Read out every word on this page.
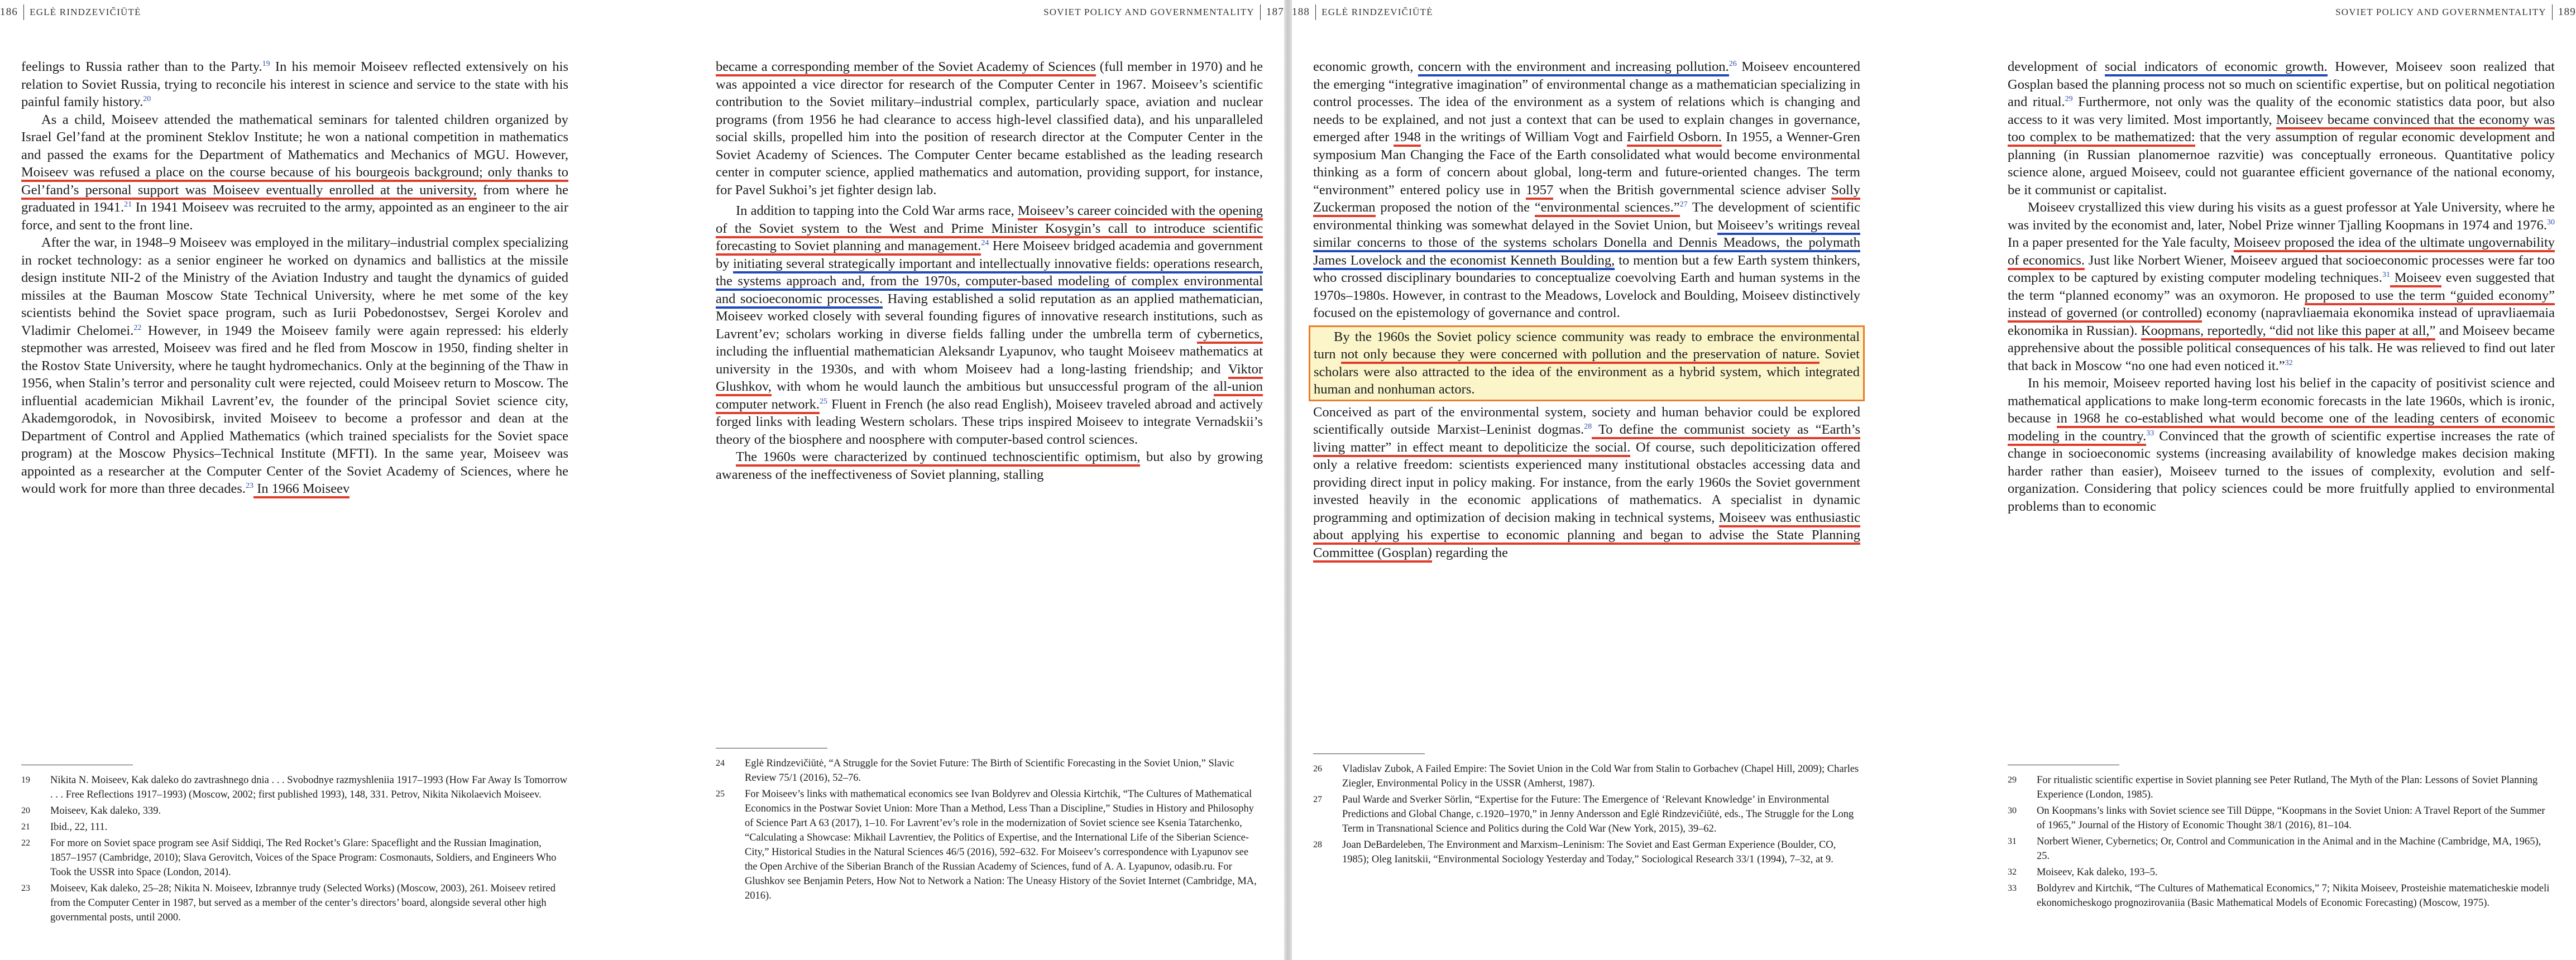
186 EGLĖ RINDZEVIČIŪTĖ	SOVIET POLICY AND GOVERNMENTALITY 187

feelings to Russia rather than to the Party.$^{19}$ In his memoir Moiseev reflected extensively on his relation to Soviet Russia, trying to reconcile his interest in science and service to the state with his painful family history.$^{20}$

As a child, Moiseev attended the mathematical seminars for talented children organized by Israel Gel’fand at the prominent Steklov Institute; he won a national competition in mathematics and passed the exams for the Department of Mathematics and Mechanics of MGU. However, Moiseev was refused a place on the course because of his bourgeois background; only thanks to Gel’fand’s personal support was Moiseev eventually enrolled at the university, from where he graduated in 1941.21 In 1941 Moiseev was recruited to the army, appointed as an engineer to the air force, and sent to the front line.

After the war, in 1948–9 Moiseev was employed in the military–industrial complex specializing in rocket technology: as a senior engineer he worked on dynamics and ballistics at the missile design institute NII-2 of the Ministry of the Aviation Industry and taught the dynamics of guided missiles at the Bauman Moscow State Technical University, where he met some of the key scientists behind the Soviet space program, such as Iurii Pobedonostsev, Sergei Korolev and Vladimir Chelomei.$^{22}$ However, in 1949 the Moiseev family were again repressed: his elderly stepmother was arrested, Moiseev was fired and he fled from Moscow in 1950, finding shelter in the Rostov State University, where he taught hydromechanics. Only at the beginning of the Thaw in 1956, when Stalin’s terror and personality cult were rejected, could Moiseev return to Moscow. The influential academician Mikhail Lavrent’ev, the founder of the principal Soviet science city, Akademgorodok, in Novosibirsk, invited Moiseev to become a professor and dean at the Department of Control and Applied Mathematics (which trained specialists for the Soviet space program) at the Moscow Physics–Technical Institute (MFTI). In the same year, Moiseev was appointed as a researcher at the Computer Center of the Soviet Academy of Sciences, where he would work for more than three decades.$^{23}$ In 1966 Moiseev

19 Nikita N. Moiseev, Kak daleko do zavtrashnego dnia . . . Svobodnye razmyshleniia 1917–1993 (How Far Away Is Tomorrow . . . Free Reflections 1917–1993) (Moscow, 2002; first published 1993), 148, 331. Petrov, Nikita Nikolaevich Moiseev.
20 Moiseev, Kak daleko, 339.
21 Ibid., 22, 111.
22 For more on Soviet space program see Asif Siddiqi, The Red Rocket’s Glare: Spaceflight and the Russian Imagination, 1857–1957 (Cambridge, 2010); Slava Gerovitch, Voices of the Space Program: Cosmonauts, Soldiers, and Engineers Who Took the USSR into Space (London, 2014).
23 Moiseev, Kak daleko, 25–28; Nikita N. Moiseev, Izbrannye trudy (Selected Works) (Moscow, 2003), 261. Moiseev retired from the Computer Center in 1987, but served as a member of the center’s directors’ board, alongside several other high governmental posts, until 2000.

became a corresponding member of the Soviet Academy of Sciences (full member in 1970) and he was appointed a vice director for research of the Computer Center in 1967. Moiseev’s scientific contribution to the Soviet military–industrial complex, particularly space, aviation and nuclear programs (from 1956 he had clearance to access high-level classified data), and his unparalleled social skills, propelled him into the position of research director at the Computer Center in the Soviet Academy of Sciences. The Computer Center became established as the leading research center in computer science, applied mathematics and automation, providing support, for instance, for Pavel Sukhoi’s jet fighter design lab.

In addition to tapping into the Cold War arms race, Moiseev’s career coincided with the opening of the Soviet system to the West and Prime Minister Kosygin’s call to introduce scientific forecasting to Soviet planning and management.$^{24}$ Here Moiseev bridged academia and government by initiating several strategically important and intellectually innovative fields: operations research, the systems approach and, from the 1970s, computer-based modeling of complex environmental and socioeconomic processes. Having established a solid reputation as an applied mathematician, Moiseev worked closely with several founding figures of innovative research institutions, such as Lavrent’ev; scholars working in diverse fields falling under the umbrella term of cybernetics, including the influential mathematician Aleksandr Lyapunov, who taught Moiseev mathematics at university in the 1930s, and with whom Moiseev had a long-lasting friendship; and Viktor Glushkov, with whom he would launch the ambitious but unsuccessful program of the all-union computer network.$^{25}$ Fluent in French (he also read English), Moiseev traveled abroad and actively forged links with leading Western scholars. These trips inspired Moiseev to integrate Vernadskii’s theory of the biosphere and noosphere with computer-based control sciences.

The 1960s were characterized by continued technoscientific optimism, but also by growing awareness of the ineffectiveness of Soviet planning, stalling

24 Eglė Rindzevičiūtė, “A Struggle for the Soviet Future: The Birth of Scientific Forecasting in the Soviet Union,” Slavic Review 75/1 (2016), 52–76.
25 For Moiseev’s links with mathematical economics see Ivan Boldyrev and Olessia Kirtchik, “The Cultures of Mathematical Economics in the Postwar Soviet Union: More Than a Method, Less Than a Discipline,” Studies in History and Philosophy of Science Part A 63 (2017), 1–10. For Lavrent’ev’s role in the modernization of Soviet science see Ksenia Tatarchenko, “Calculating a Showcase: Mikhail Lavrentiev, the Politics of Expertise, and the International Life of the Siberian Science-City,” Historical Studies in the Natural Sciences 46/5 (2016), 592–632. For Moiseev’s correspondence with Lyapunov see the Open Archive of the Siberian Branch of the Russian Academy of Sciences, fund of A. A. Lyapunov, odasib.ru. For Glushkov see Benjamin Peters, How Not to Network a Nation: The Uneasy History of the Soviet Internet (Cambridge, MA, 2016).
188 EGLĖ RINDZEVIČIŪTĖ	SOVIET POLICY AND GOVERNMENTALITY 189

economic growth, concern with the environment and increasing pollution.$^{26}$ Moiseev encountered the emerging “integrative imagination” of environmental change as a mathematician specializing in control processes. The idea of the environment as a system of relations which is changing and needs to be explained, and not just a context that can be used to explain changes in governance, emerged after 1948 in the writings of William Vogt and Fairfield Osborn. In 1955, a Wenner-Gren symposium Man Changing the Face of the Earth consolidated what would become environmental thinking as a form of concern about global, long-term and future-oriented changes. The term “environment” entered policy use in 1957 when the British governmental science adviser Solly Zuckerman proposed the notion of the “environmental sciences.”$^{27}$ The development of scientific environmental thinking was somewhat delayed in the Soviet Union, but Moiseev’s writings reveal similar concerns to those of the systems scholars Donella and Dennis Meadows, the polymath James Lovelock and the economist Kenneth Boulding, to mention but a few Earth system thinkers, who crossed disciplinary boundaries to conceptualize coevolving Earth and human systems in the 1970s–1980s. However, in contrast to the Meadows, Lovelock and Boulding, Moiseev distinctively focused on the epistemology of governance and control.

By the 1960s the Soviet policy science community was ready to embrace the environmental turn not only because they were concerned with pollution and the preservation of nature. Soviet scholars were also attracted to the idea of the environment as a hybrid system, which integrated human and nonhuman actors.

Conceived as part of the environmental system, society and human behavior could be explored scientifically outside Marxist–Leninist dogmas.$^{28}$ To define the communist society as “Earth’s living matter” in effect meant to depoliticize the social. Of course, such depoliticization offered only a relative freedom: scientists experienced many institutional obstacles accessing data and providing direct input in policy making. For instance, from the early 1960s the Soviet government invested heavily in the economic applications of mathematics. A specialist in dynamic programming and optimization of decision making in technical systems, Moiseev was enthusiastic about applying his expertise to economic planning and began to advise the State Planning Committee (Gosplan) regarding the

26 Vladislav Zubok, A Failed Empire: The Soviet Union in the Cold War from Stalin to Gorbachev (Chapel Hill, 2009); Charles Ziegler, Environmental Policy in the USSR (Amherst, 1987).
27 Paul Warde and Sverker Sörlin, “Expertise for the Future: The Emergence of ‘Relevant Knowledge’ in Environmental Predictions and Global Change, c.1920–1970,” in Jenny Andersson and Eglė Rindzevičiūtė, eds., The Struggle for the Long Term in Transnational Science and Politics during the Cold War (New York, 2015), 39–62.
28 Joan DeBardeleben, The Environment and Marxism–Leninism: The Soviet and East German Experience (Boulder, CO, 1985); Oleg Ianitskii, “Environmental Sociology Yesterday and Today,” Sociological Research 33/1 (1994), 7–32, at 9.

development of social indicators of economic growth. However, Moiseev soon realized that Gosplan based the planning process not so much on scientific expertise, but on political negotiation and ritual.$^{29}$ Furthermore, not only was the quality of the economic statistics data poor, but also access to it was very limited. Most importantly, Moiseev became convinced that the economy was too complex to be mathematized: that the very assumption of regular economic development and planning (in Russian planomernoe razvitie) was conceptually erroneous. Quantitative policy science alone, argued Moiseev, could not guarantee efficient governance of the national economy, be it communist or capitalist.

Moiseev crystallized this view during his visits as a guest professor at Yale University, where he was invited by the economist and, later, Nobel Prize winner Tjalling Koopmans in 1974 and 1976.30 In a paper presented for the Yale faculty, Moiseev proposed the idea of the ultimate ungovernability of economics. Just like Norbert Wiener, Moiseev argued that socioeconomic processes were far too complex to be captured by existing computer modeling techniques.$^{31}$ Moiseev even suggested that the term “planned economy” was an oxymoron. He proposed to use the term “guided economy” instead of governed (or controlled) economy (napravliaemaia ekonomika instead of upravliaemaia ekonomika in Russian). Koopmans, reportedly, “did not like this paper at all,” and Moiseev became apprehensive about the possible political consequences of his talk. He was relieved to find out later that back in Moscow “no one had even noticed it.”$^{32}$

In his memoir, Moiseev reported having lost his belief in the capacity of positivist science and mathematical applications to make long-term economic forecasts in the late 1960s, which is ironic, because in 1968 he co-established what would become one of the leading centers of economic modeling in the country.$^{33}$ Convinced that the growth of scientific expertise increases the rate of change in socioeconomic systems (increasing availability of knowledge makes decision making harder rather than easier), Moiseev turned to the issues of complexity, evolution and self-organization. Considering that policy sciences could be more fruitfully applied to environmental problems than to economic

29 For ritualistic scientific expertise in Soviet planning see Peter Rutland, The Myth of the Plan: Lessons of Soviet Planning Experience (London, 1985).
30 On Koopmans’s links with Soviet science see Till Düppe, “Koopmans in the Soviet Union: A Travel Report of the Summer of 1965,” Journal of the History of Economic Thought 38/1 (2016), 81–104.
31 Norbert Wiener, Cybernetics; Or, Control and Communication in the Animal and in the Machine (Cambridge, MA, 1965), 25.
32 Moiseev, Kak daleko, 193–5.
33 Boldyrev and Kirtchik, “The Cultures of Mathematical Economics,” 7; Nikita Moiseev, Prosteishie matematicheskie modeli ekonomicheskogo prognozirovaniia (Basic Mathematical Models of Economic Forecasting) (Moscow, 1975).
